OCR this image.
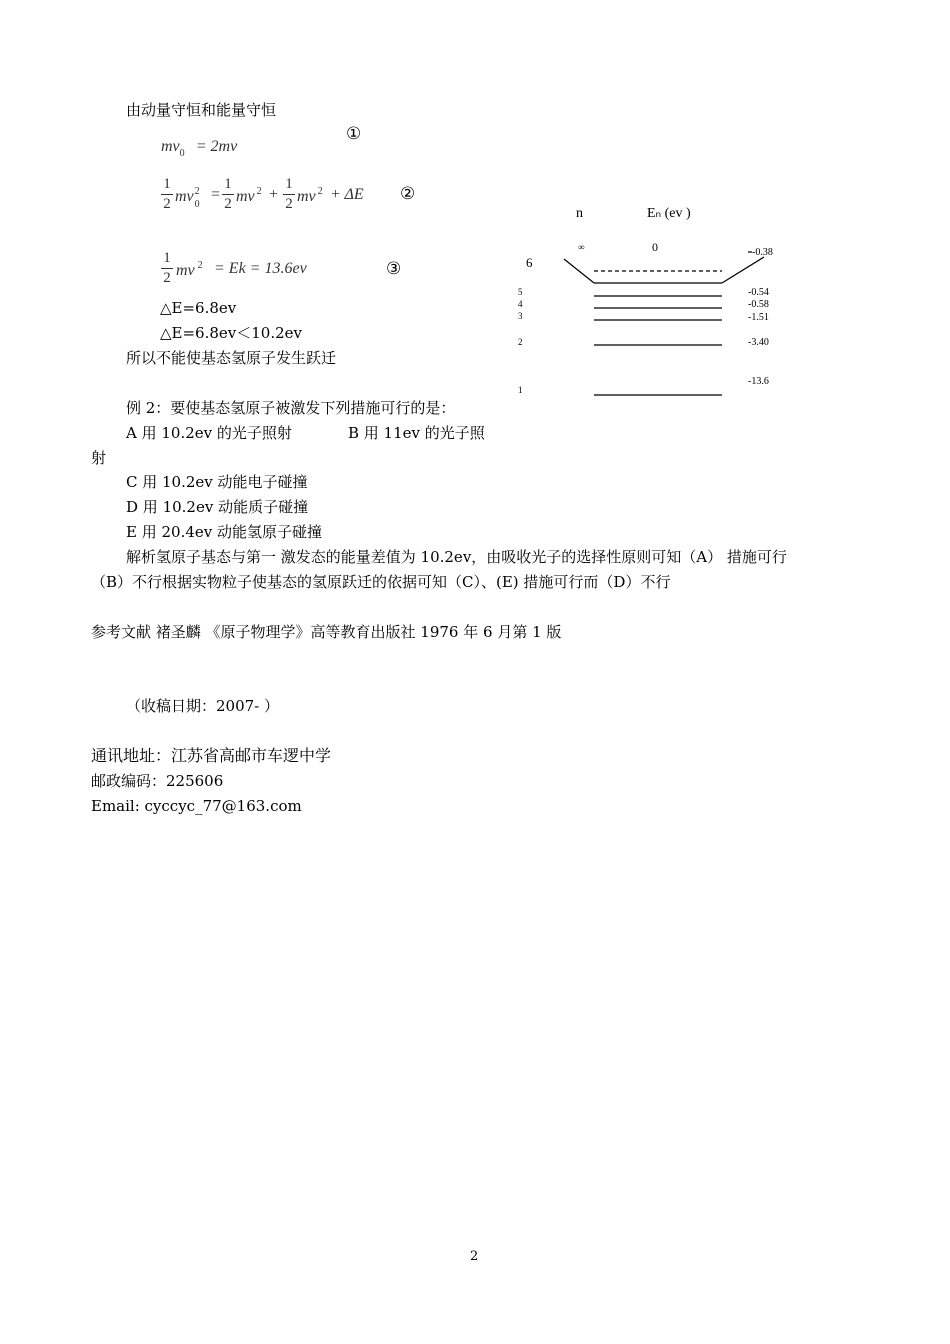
由动量守恒和能量守恒
$mv_0 = 2mv$
①
1
2 $mv_0^2$ =
1
2 mv $^2$ +
1
2 mv $^2$ + ΔE ②
1
2 mv $^2$ = Ek = 13.6ev	③
△E=6.8ev
△E=6.8ev＜10.2ev
所以不能使基态氢原子发生跃迁
例 2：要使基态氢原子被激发下列措施可行的是：
A 用 10.2ev 的光子照射	B 用 11ev 的光子照
射
C 用 10.2ev 动能电子碰撞
D 用 10.2ev 动能质子碰撞
E 用 20.4ev 动能氢原子碰撞
解析氢原子基态与第一 激发态的能量差值为 10.2ev，由吸收光子的选择性原则可知（A） 措施可行
（B）不行根据实物粒子使基态的氢原跃迁的依据可知（C）、(E) 措施可行而（D）不行
参考文献 褚圣麟 《原子物理学》高等教育出版社 1976 年 6 月第 1 版
（收稿日期：2007- ）
通讯地址：江苏省高邮市车逻中学
邮政编码：225606
Email: cyccyc_77@163.com
2
n	Eₙ (ev )
∞	0
6
-0.38
5	-0.54
4	-0.58
3	-1.51
2	-3.40
1
-13.6
